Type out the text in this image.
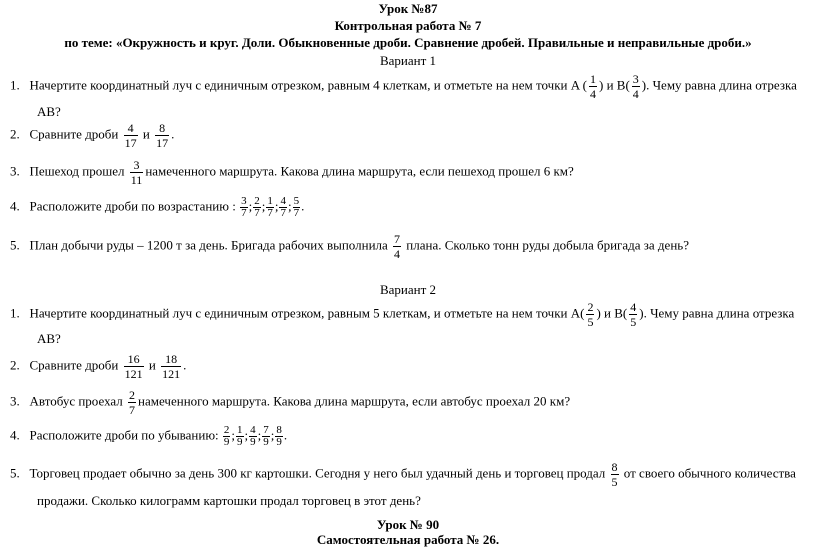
Урок №87
Контрольная работа № 7
по теме: «Окружность и круг. Доли. Обыкновенные дроби. Сравнение дробей. Правильные и неправильные дроби.»
Вариант 1
1. Начертите координатный луч с единичным отрезком, равным 4 клеткам, и отметьте на нем точки A ( $\frac{1}{4}$ ) и $B( \frac{3}{4}$ ). Чему равна длина отрезка
AB?
2. Сравните дроби $\frac{4}{17}$ и $\frac{8}{17}$ .
3. Пешеход прошел $\frac{3}{11}$ намеченного маршрута. Какова длина маршрута, если пешеход прошел 6 км?
4. Расположите дроби по возрастанию : $\frac{3}{7}$ ; $\frac{2}{7}$ ; $\frac{1}{7}$ ; $\frac{4}{7}$ ; $\frac{5}{7}$ .
5. План добычи руды – 1200 т за день. Бригада рабочих выполнила $\frac{7}{4}$ плана. Сколько тонн руды добыла бригада за день?
Вариант 2
1. Начертите координатный луч с единичным отрезком, равным 5 клеткам, и отметьте на нем точки $A( \frac{2}{5}$ ) и $B( \frac{4}{5}$ ). Чему равна длина отрезка
AB?
2. Сравните дроби $\frac{16}{121}$ и $\frac{18}{121}$ .
3. Автобус проехал $\frac{2}{7}$ намеченного маршрута. Какова длина маршрута, если автобус проехал 20 км?
4. Расположите дроби по убыванию: $\frac{2}{9}$ ; $\frac{1}{9}$ ; $\frac{4}{9}$ ; $\frac{7}{9}$ ; $\frac{8}{9}$ .
5. Торговец продает обычно за день 300 кг картошки. Сегодня у него был удачный день и торговец продал $\frac{8}{5}$ от своего обычного количества
продажи. Сколько килограмм картошки продал торговец в этот день?
Урок № 90
Самостоятельная работа № 26.
